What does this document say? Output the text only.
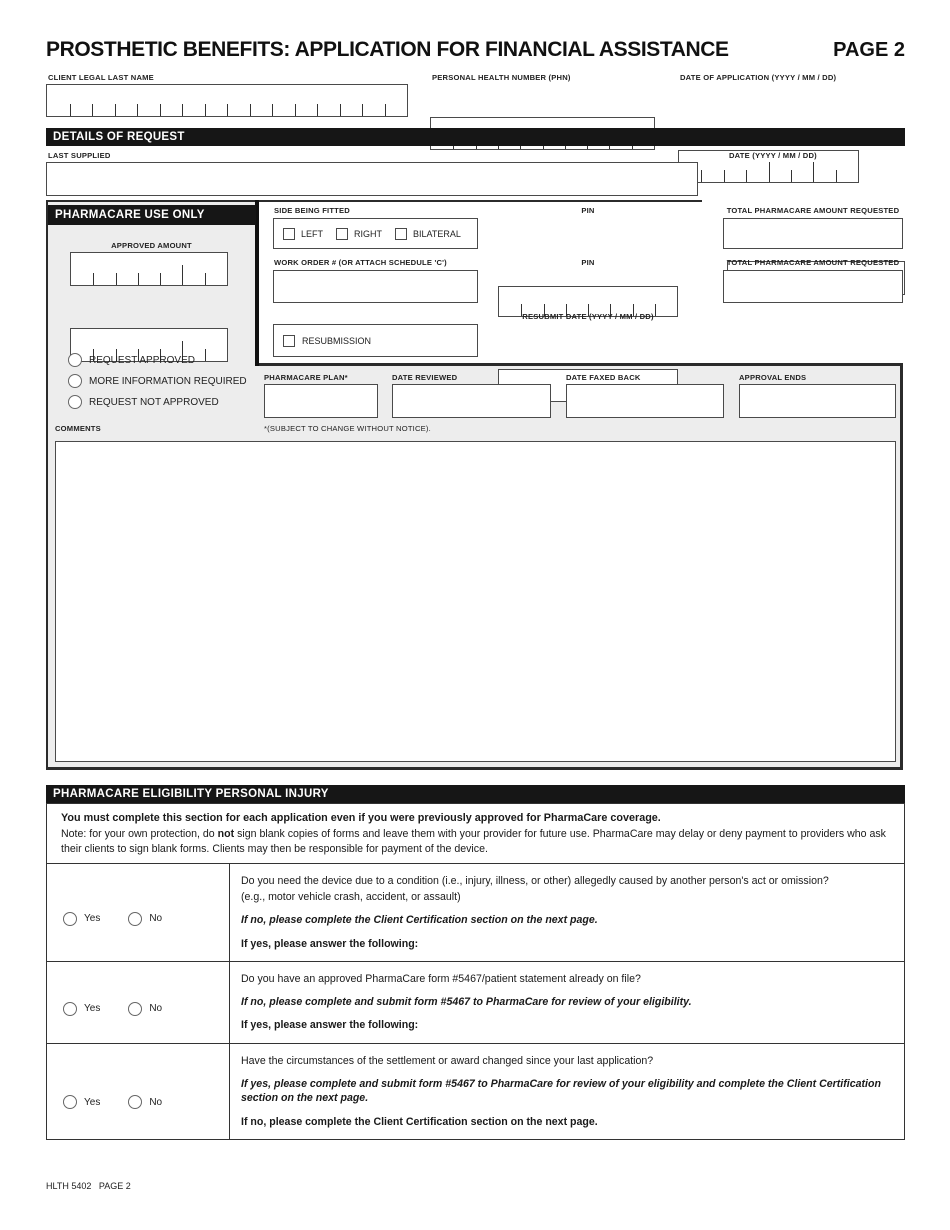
PROSTHETIC BENEFITS: APPLICATION FOR FINANCIAL ASSISTANCE	PAGE 2
CLIENT LEGAL LAST NAME	PERSONAL HEALTH NUMBER (PHN)	DATE OF APPLICATION (YYYY / MM / DD)
DETAILS OF REQUEST
LAST SUPPLIED	DATE (YYYY / MM / DD)
PHARMACARE USE ONLY
APPROVED AMOUNT
REQUEST APPROVED
MORE INFORMATION REQUIRED
REQUEST NOT APPROVED
SIDE BEING FITTED
LEFT	RIGHT	BILATERAL
WORK ORDER # (OR ATTACH SCHEDULE 'C')
RESUBMISSION
PIN
PIN
RESUBMIT DATE (YYYY / MM / DD)
TOTAL PHARMACARE AMOUNT REQUESTED
TOTAL PHARMACARE AMOUNT REQUESTED
PHARMACARE PLAN*	DATE REVIEWED	DATE FAXED BACK	APPROVAL ENDS
*(SUBJECT TO CHANGE WITHOUT NOTICE).
COMMENTS
PHARMACARE ELIGIBILITY PERSONAL INJURY
You must complete this section for each application even if you were previously approved for PharmaCare coverage.
Note: for your own protection, do not sign blank copies of forms and leave them with your provider for future use. PharmaCare may delay or deny payment to providers who ask their clients to sign blank forms. Clients may then be responsible for payment of the device.
Yes	No
Do you need the device due to a condition (i.e., injury, illness, or other) allegedly caused by another person's act or omission?
(e.g., motor vehicle crash, accident, or assault)
If no, please complete the Client Certification section on the next page.
If yes, please answer the following:
Yes	No
Do you have an approved PharmaCare form #5467/patient statement already on file?
If no, please complete and submit form #5467 to PharmaCare for review of your eligibility.
If yes, please answer the following:
Yes	No
Have the circumstances of the settlement or award changed since your last application?
If yes, please complete and submit form #5467 to PharmaCare for review of your eligibility and complete the Client Certification section on the next page.
If no, please complete the Client Certification section on the next page.
HLTH 5402   PAGE 2
